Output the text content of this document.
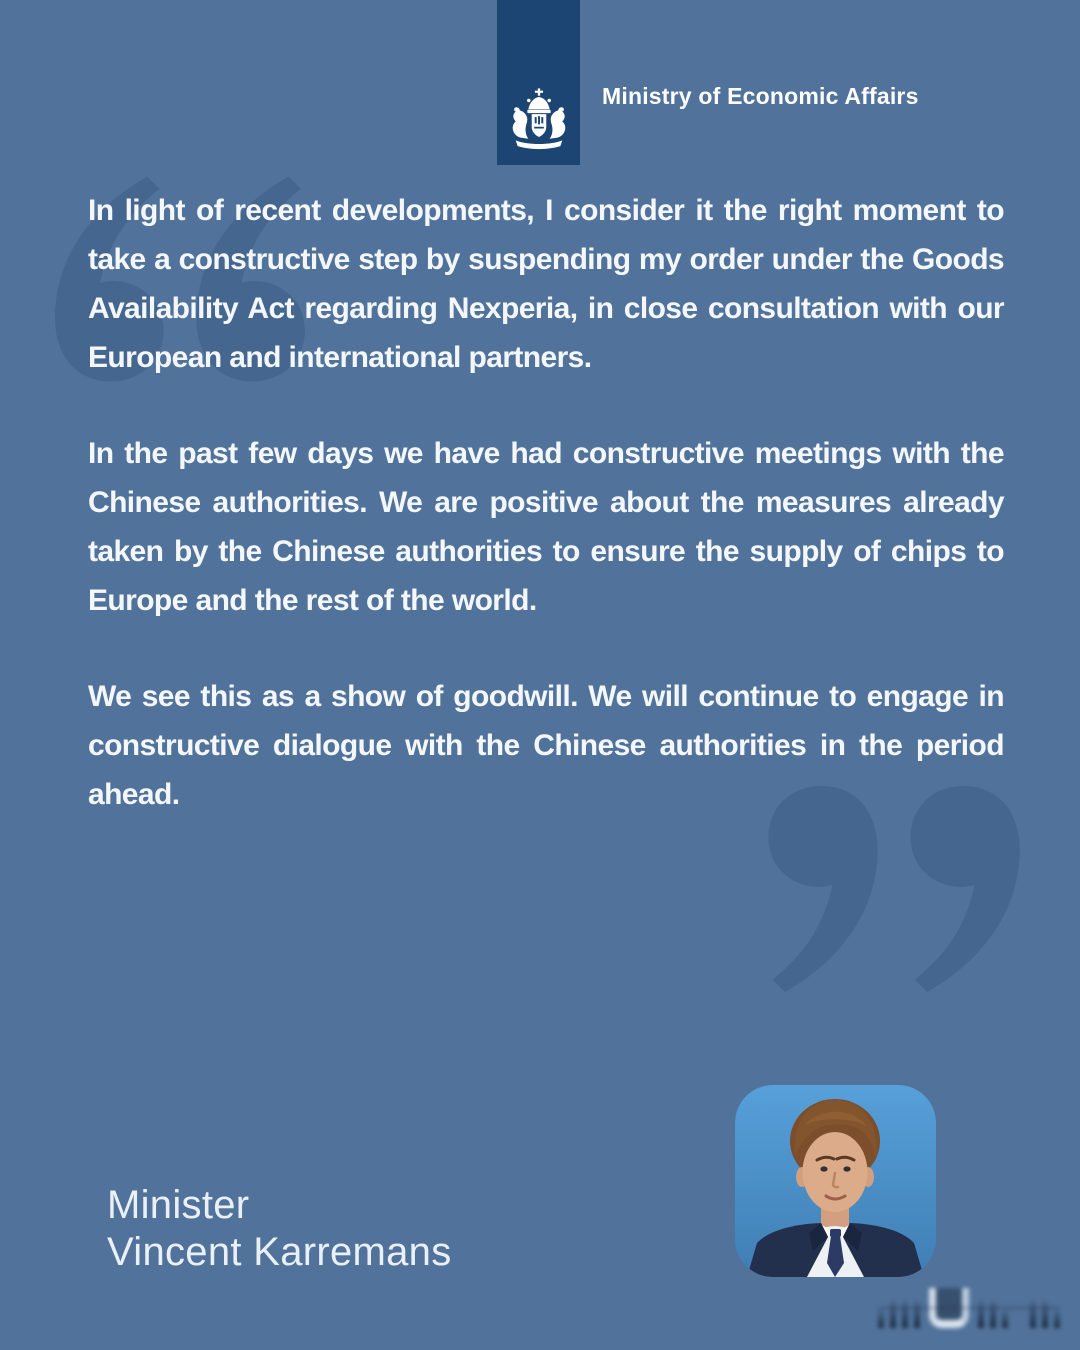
Ministry of Economic Affairs

In light of recent developments, I consider it the right moment to take a constructive step by suspending my order under the Goods Availability Act regarding Nexperia, in close consultation with our European and international partners.

In the past few days we have had constructive meetings with the Chinese authorities. We are positive about the measures already taken by the Chinese authorities to ensure the supply of chips to Europe and the rest of the world.

We see this as a show of goodwill. We will continue to engage in constructive dialogue with the Chinese authorities in the period ahead.

Minister
Vincent Karremans
